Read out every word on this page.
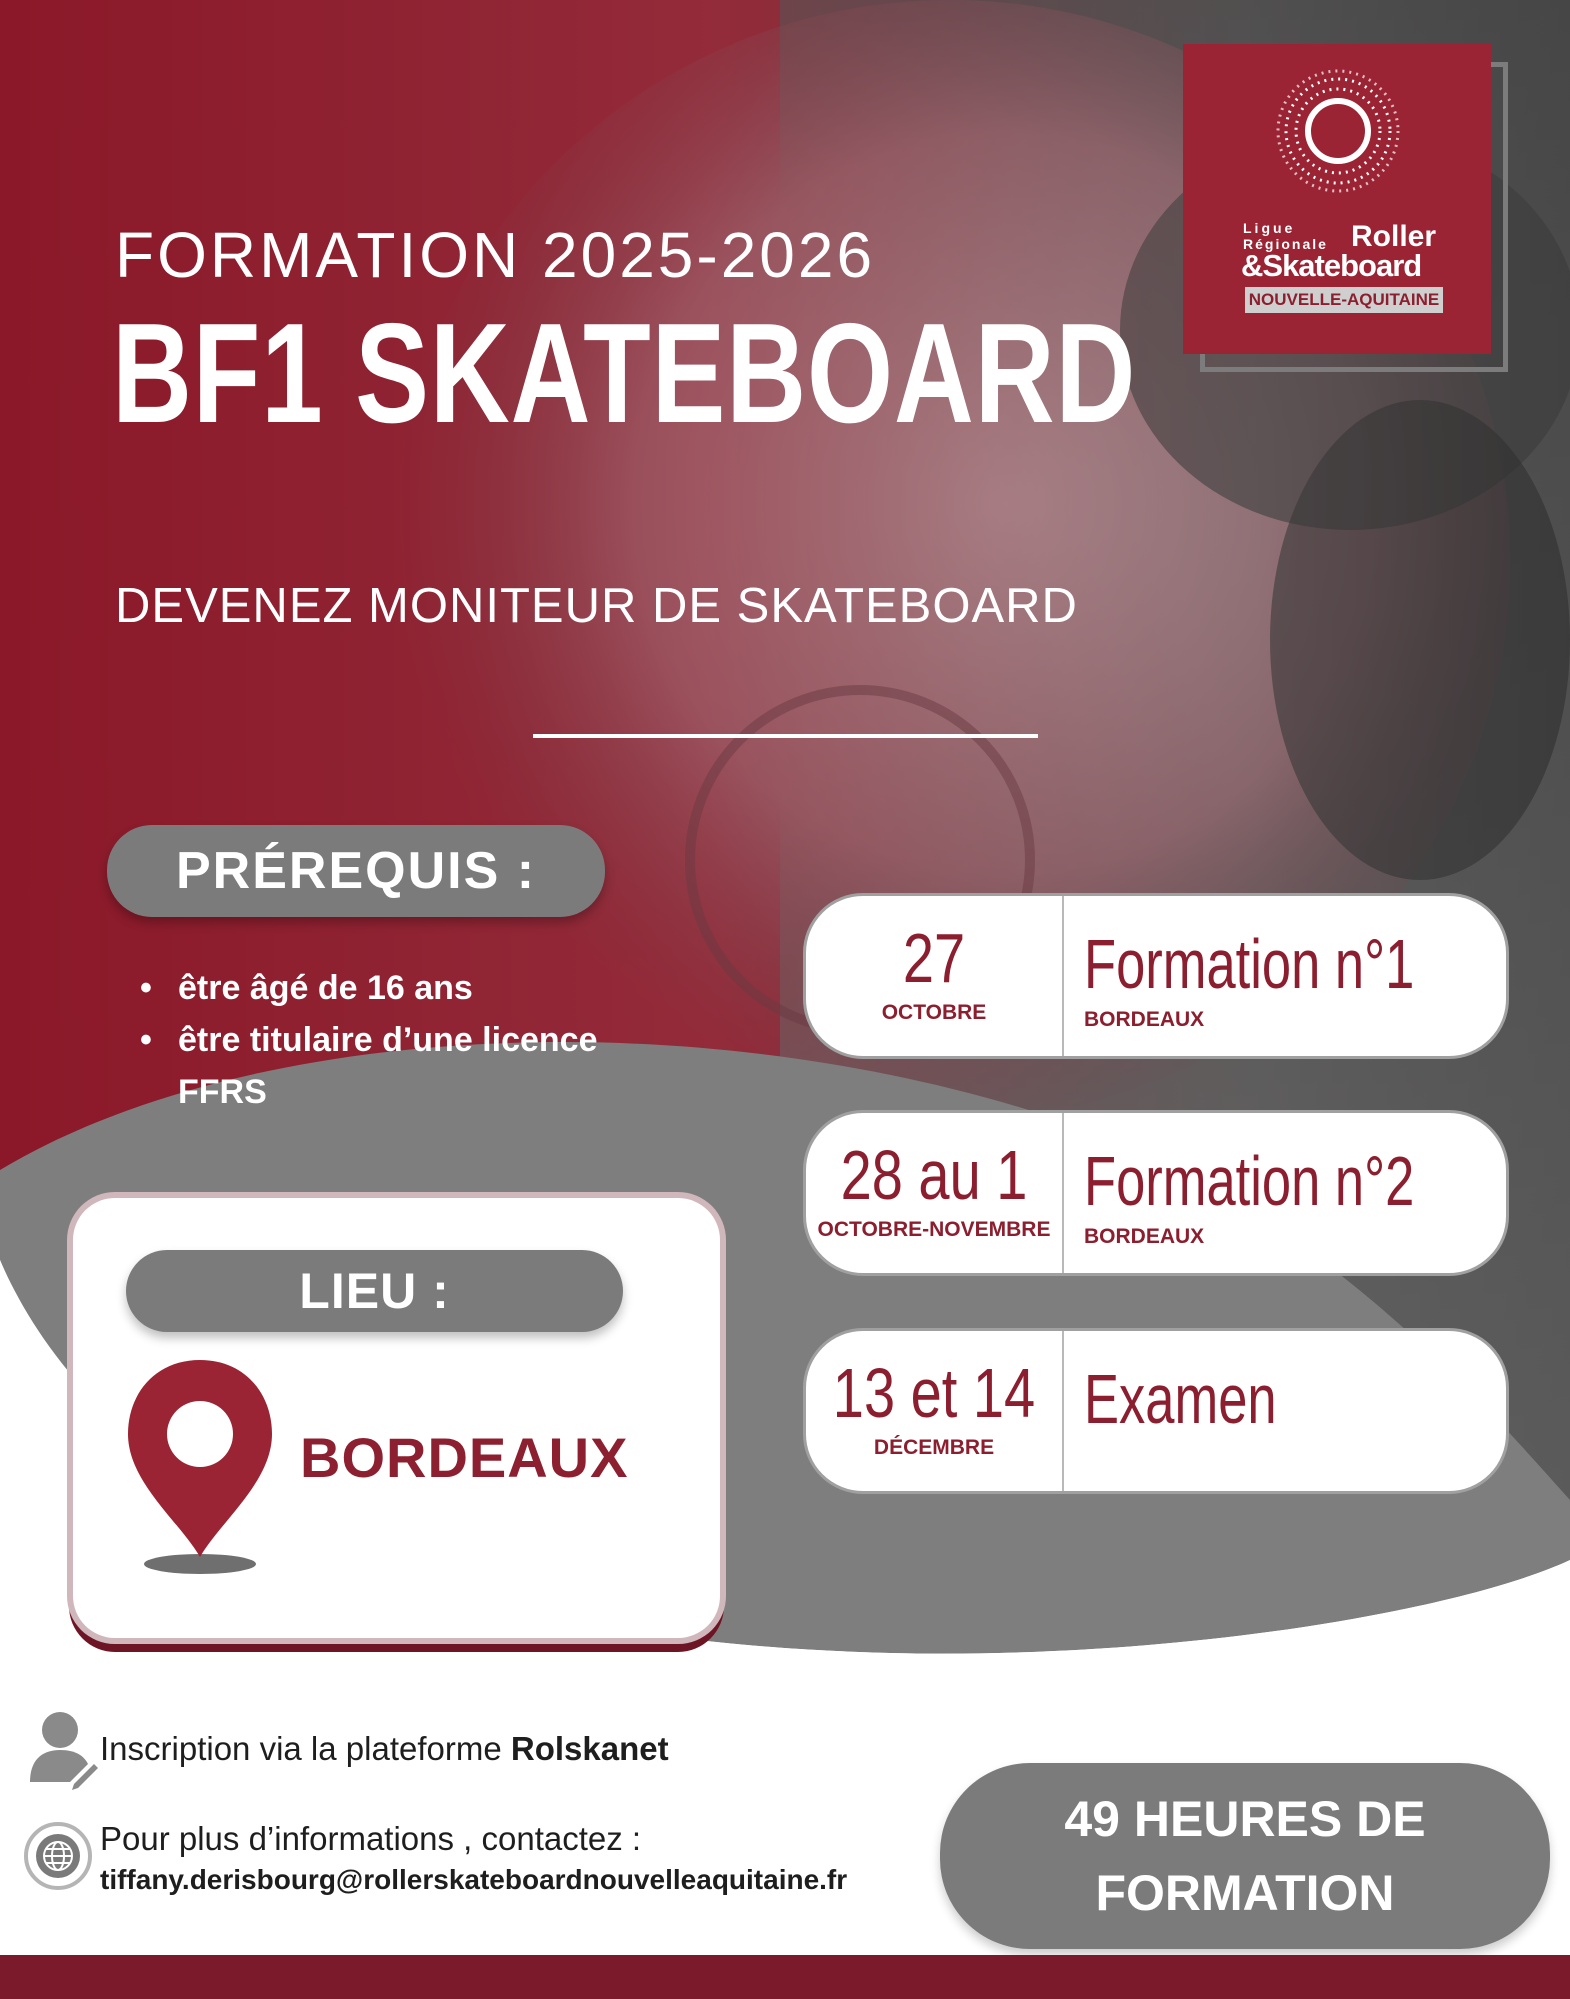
Ligue
Régionale Roller
&Skateboard
NOUVELLE-AQUITAINE
FORMATION 2025-2026
BF1 SKATEBOARD
DEVENEZ MONITEUR DE SKATEBOARD
PRÉREQUIS :
• être âgé de 16 ans
• être titulaire d’une licence FFRS
LIEU :
BORDEAUX
27
OCTOBRE
Formation n°1
BORDEAUX
28 au 1
OCTOBRE-NOVEMBRE
Formation n°2
BORDEAUX
13 et 14
DÉCEMBRE
Examen
Inscription via la plateforme Rolskanet
Pour plus d’informations , contactez :
tiffany.derisbourg@rollerskateboardnouvelleaquitaine.fr
49 HEURES DE
FORMATION
